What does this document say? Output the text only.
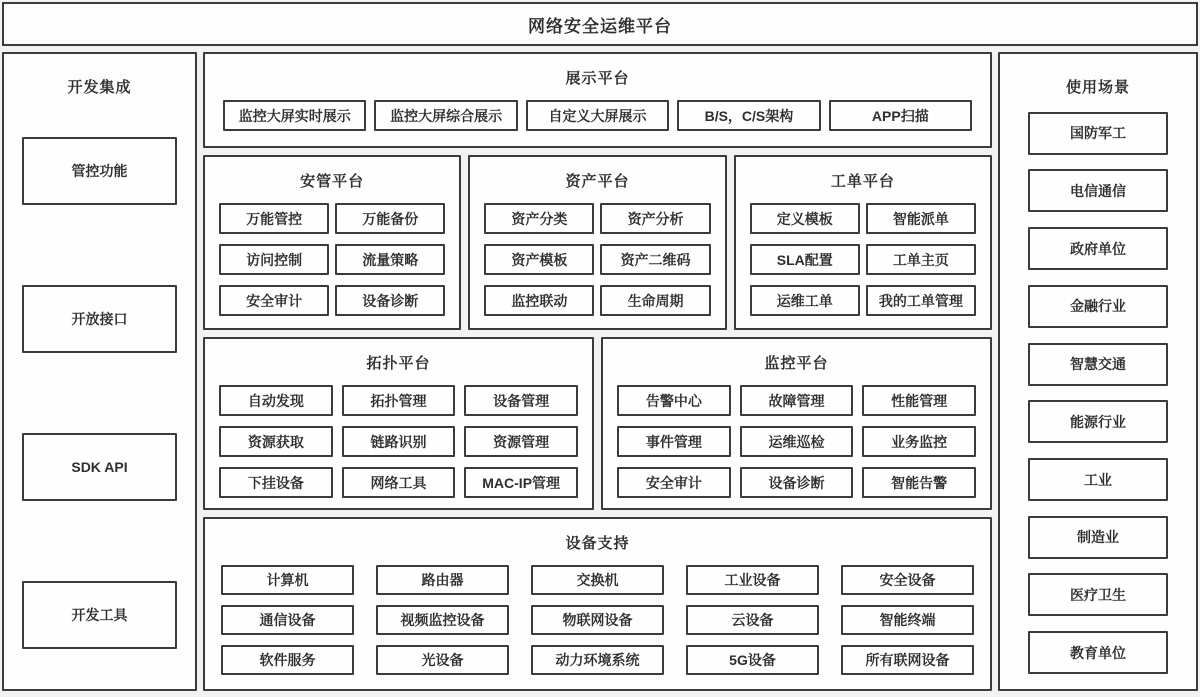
网络安全运维平台
开发集成
管控功能
开放接口
SDK API
开发工具
展示平台
监控大屏实时展示	监控大屏综合展示	自定义大屏展示	B/S，C/S架构	APP扫描
安管平台
万能管控	万能备份
访问控制	流量策略
安全审计	设备诊断
资产平台
资产分类	资产分析
资产模板	资产二维码
监控联动	生命周期
工单平台
定义模板	智能派单
SLA配置	工单主页
运维工单	我的工单管理
拓扑平台
自动发现	拓扑管理	设备管理
资源获取	链路识别	资源管理
下挂设备	网络工具	MAC-IP管理
监控平台
告警中心	故障管理	性能管理
事件管理	运维巡检	业务监控
安全审计	设备诊断	智能告警
设备支持
计算机	路由器	交换机	工业设备	安全设备
通信设备	视频监控设备	物联网设备	云设备	智能终端
软件服务	光设备	动力环境系统	5G设备	所有联网设备
使用场景
国防军工
电信通信
政府单位
金融行业
智慧交通
能源行业
工业
制造业
医疗卫生
教育单位
